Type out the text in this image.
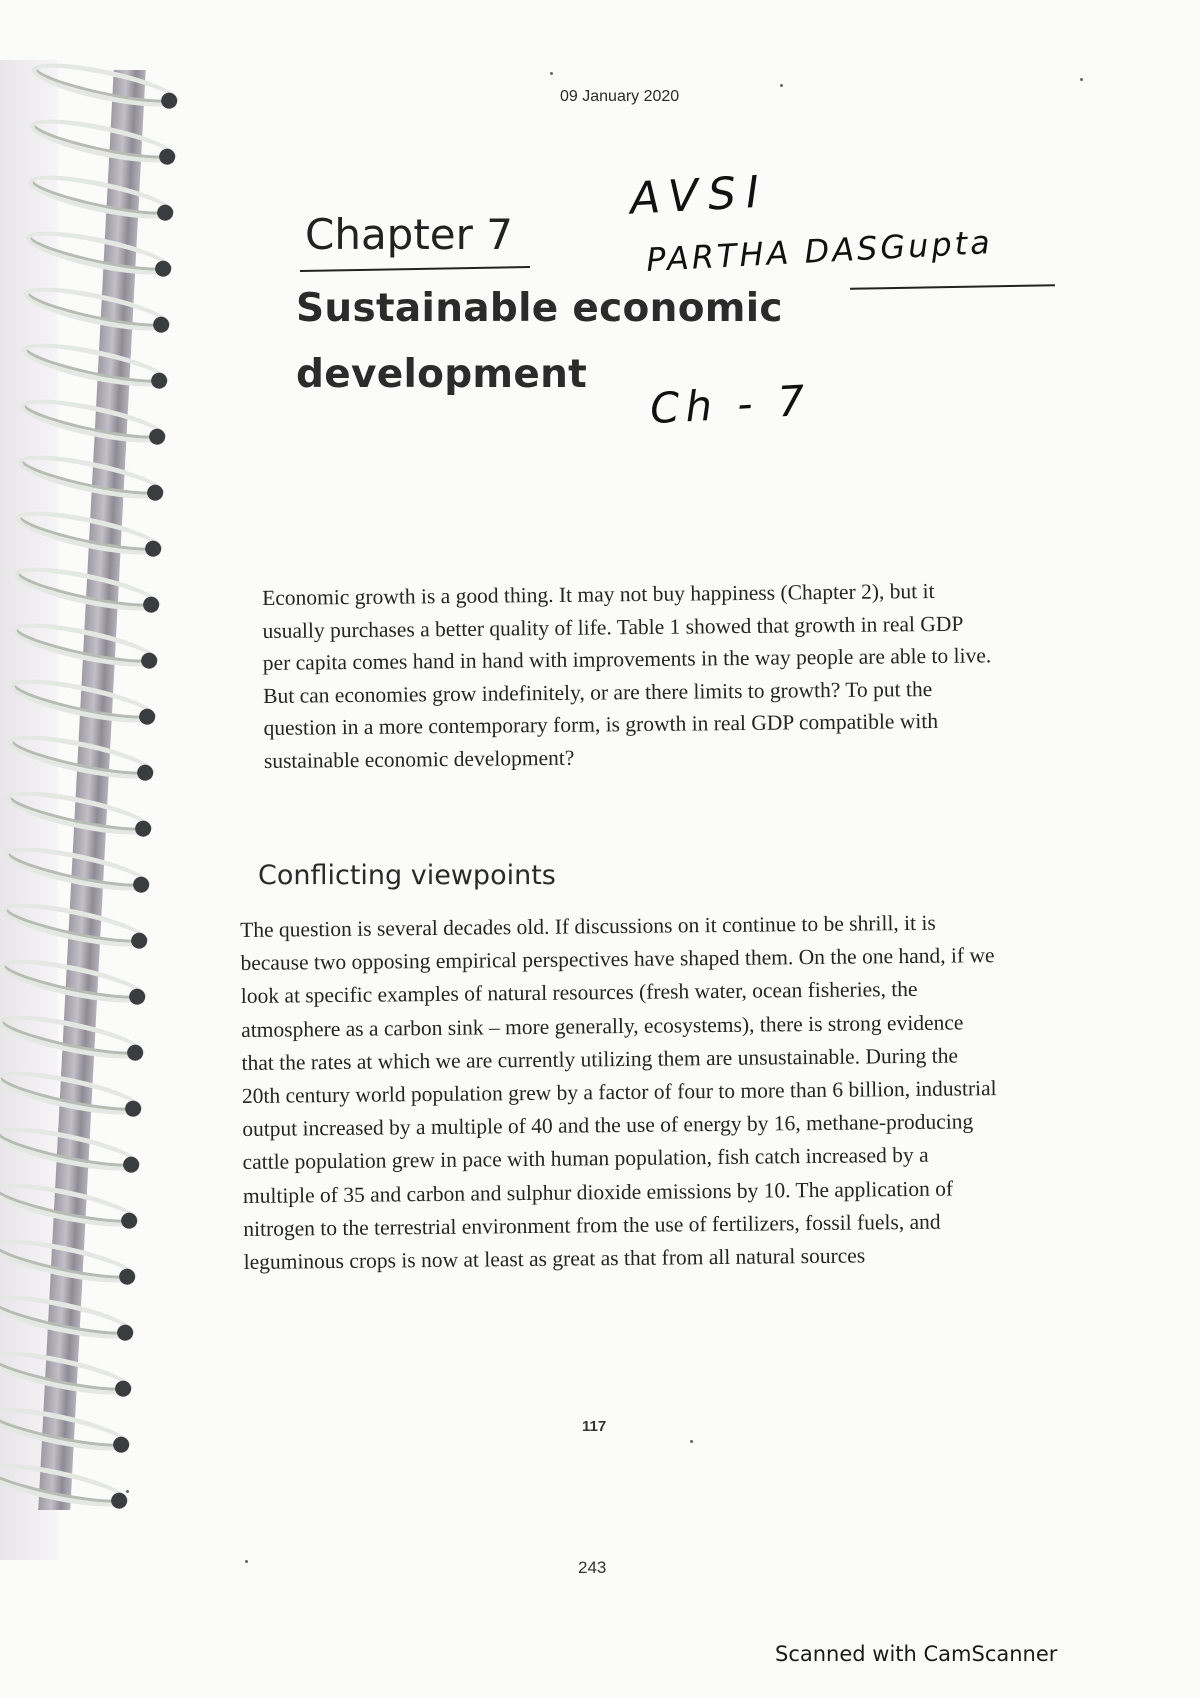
09 January 2020
Chapter 7
Sustainable economic development
AVSI
PARTHA DASGupta
Ch - 7

Economic growth is a good thing. It may not buy happiness (Chapter 2), but it usually purchases a better quality of life. Table 1 showed that growth in real GDP per capita comes hand in hand with improvements in the way people are able to live. But can economies grow indefinitely, or are there limits to growth? To put the question in a more contemporary form, is growth in real GDP compatible with sustainable economic development?

Conflicting viewpoints

The question is several decades old. If discussions on it continue to be shrill, it is because two opposing empirical perspectives have shaped them. On the one hand, if we look at specific examples of natural resources (fresh water, ocean fisheries, the atmosphere as a carbon sink – more generally, ecosystems), there is strong evidence that the rates at which we are currently utilizing them are unsustainable. During the 20th century world population grew by a factor of four to more than 6 billion, industrial output increased by a multiple of 40 and the use of energy by 16, methane-producing cattle population grew in pace with human population, fish catch increased by a multiple of 35 and carbon and sulphur dioxide emissions by 10. The application of nitrogen to the terrestrial environment from the use of fertilizers, fossil fuels, and leguminous crops is now at least as great as that from all natural sources

117
243
Scanned with CamScanner
